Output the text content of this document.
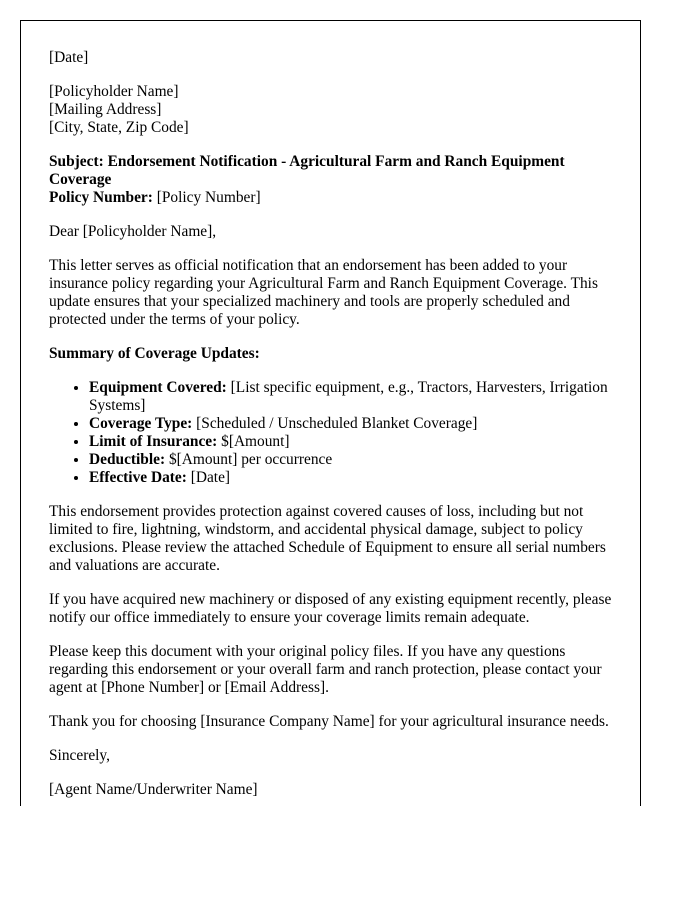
[Date]

[Policyholder Name]
[Mailing Address]
[City, State, Zip Code]

Subject: Endorsement Notification - Agricultural Farm and Ranch Equipment Coverage
Policy Number: [Policy Number]

Dear [Policyholder Name],

This letter serves as official notification that an endorsement has been added to your insurance policy regarding your Agricultural Farm and Ranch Equipment Coverage. This update ensures that your specialized machinery and tools are properly scheduled and protected under the terms of your policy.

Summary of Coverage Updates:

• Equipment Covered: [List specific equipment, e.g., Tractors, Harvesters, Irrigation Systems]
• Coverage Type: [Scheduled / Unscheduled Blanket Coverage]
• Limit of Insurance: $[Amount]
• Deductible: $[Amount] per occurrence
• Effective Date: [Date]

This endorsement provides protection against covered causes of loss, including but not limited to fire, lightning, windstorm, and accidental physical damage, subject to policy exclusions. Please review the attached Schedule of Equipment to ensure all serial numbers and valuations are accurate.

If you have acquired new machinery or disposed of any existing equipment recently, please notify our office immediately to ensure your coverage limits remain adequate.

Please keep this document with your original policy files. If you have any questions regarding this endorsement or your overall farm and ranch protection, please contact your agent at [Phone Number] or [Email Address].

Thank you for choosing [Insurance Company Name] for your agricultural insurance needs.

Sincerely,

[Agent Name/Underwriter Name]
